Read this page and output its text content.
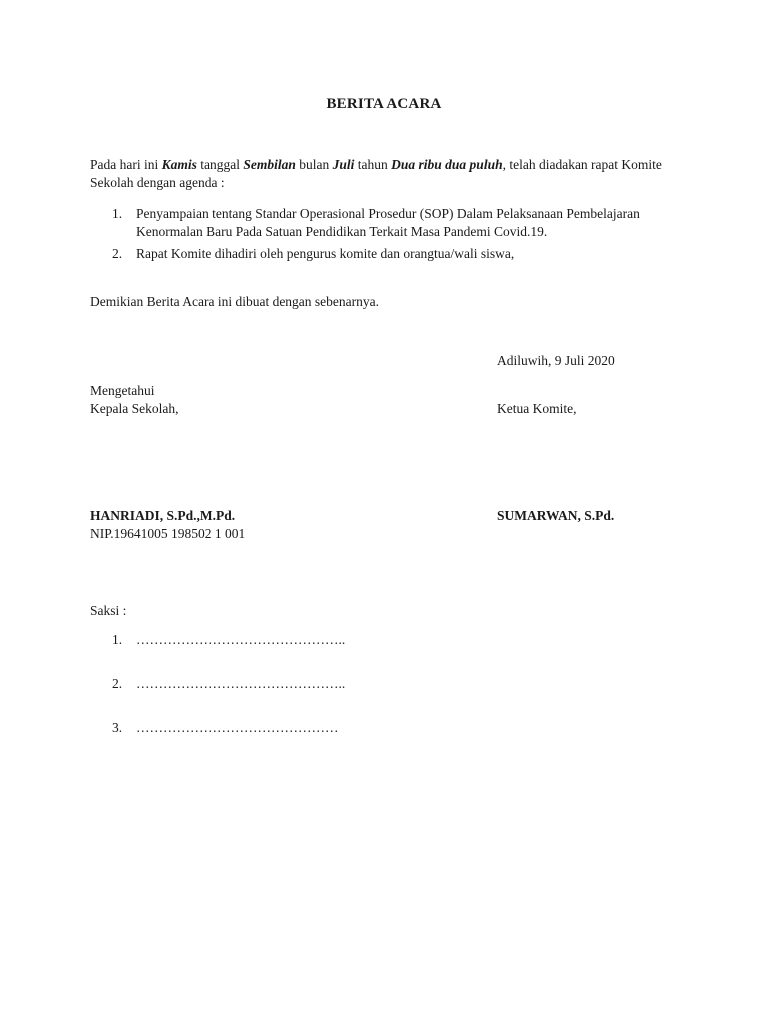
BERITA ACARA
Pada hari ini Kamis tanggal Sembilan bulan Juli tahun Dua ribu dua puluh, telah diadakan rapat Komite Sekolah dengan agenda :
1. Penyampaian tentang Standar Operasional Prosedur (SOP) Dalam Pelaksanaan Pembelajaran Kenormalan Baru Pada Satuan Pendidikan Terkait Masa Pandemi Covid.19.
2. Rapat Komite dihadiri oleh pengurus komite dan orangtua/wali siswa,
Demikian Berita Acara ini dibuat dengan sebenarnya.
Adiluwih, 9 Juli 2020
Mengetahui
Kepala Sekolah,	Ketua Komite,
HANRIADI, S.Pd.,M.Pd.
NIP.19641005 198502 1 001
SUMARWAN, S.Pd.
Saksi :
1. ………………………………………..
2. ………………………………………..
3. ………………………………………
